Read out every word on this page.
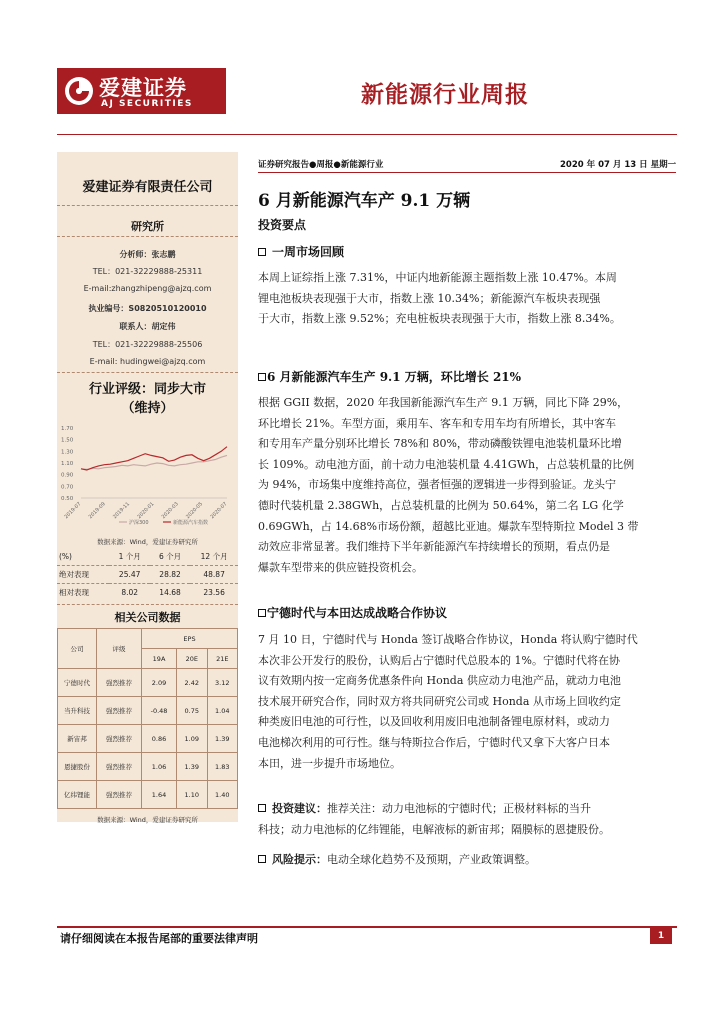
爱建证券
AJ SECURITIES	新能源行业周报
爱建证券有限责任公司
研究所
分析师：张志鹏
TEL：021-32229888-25311
E-mail:zhangzhipeng@ajzq.com
执业编号：S0820510120010
联系人：胡定伟
TEL：021-32229888-25506
E-mail: hudingwei@ajzq.com
行业评级：同步大市
（维持）
1.70
1.50
1.30
1.10
0.90
0.70
0.50
2019-07 2019-09 2019-11 2020-01 2020-03 2020-05 2020-07
沪深300	新能源汽车指数
数据来源：Wind，爱建证券研究所
(%)	1 个月	6 个月	12 个月
绝对表现	25.47	28.82	48.87
相对表现	8.02	14.68	23.56
相关公司数据
公司	评级	EPS		
		19A	20E	21E
宁德时代	强烈推荐	2.09	2.42	3.12
当升科技	强烈推荐	-0.48	0.75	1.04
新宙邦	强烈推荐	0.86	1.09	1.39
恩捷股份	强烈推荐	1.06	1.39	1.83
亿纬锂能	强烈推荐	1.64	1.10	1.40
数据来源：Wind，爱建证券研究所
证券研究报告●周报●新能源行业	2020 年 07 月 13 日 星期一
6 月新能源汽车产 9.1 万辆
投资要点
一周市场回顾
本周上证综指上涨 7.31%，中证内地新能源主题指数上涨 10.47%。本周
锂电池板块表现强于大市，指数上涨 10.34%；新能源汽车板块表现强
于大市，指数上涨 9.52%；充电桩板块表现强于大市，指数上涨 8.34%。
6 月新能源汽车生产 9.1 万辆，环比增长 21%
根据 GGII 数据，2020 年我国新能源汽车生产 9.1 万辆，同比下降 29%，
环比增长 21%。车型方面，乘用车、客车和专用车均有所增长，其中客车
和专用车产量分别环比增长 78%和 80%，带动磷酸铁锂电池装机量环比增
长 109%。动电池方面，前十动力电池装机量 4.41GWh，占总装机量的比例
为 94%，市场集中度维持高位，强者恒强的逻辑进一步得到验证。龙头宁
德时代装机量 2.38GWh，占总装机量的比例为 50.64%，第二名 LG 化学
0.69GWh，占 14.68%市场份额，超越比亚迪。爆款车型特斯拉 Model 3 带
动效应非常显著。我们维持下半年新能源汽车持续增长的预期，看点仍是
爆款车型带来的供应链投资机会。
宁德时代与本田达成战略合作协议
7 月 10 日，宁德时代与 Honda 签订战略合作协议，Honda 将认购宁德时代
本次非公开发行的股份，认购后占宁德时代总股本的 1%。宁德时代将在协
议有效期内按一定商务优惠条件向 Honda 供应动力电池产品，就动力电池
技术展开研究合作，同时双方将共同研究公司或 Honda 从市场上回收约定
种类废旧电池的可行性，以及回收利用废旧电池制备锂电原材料，或动力
电池梯次利用的可行性。继与特斯拉合作后，宁德时代又拿下大客户日本
本田，进一步提升市场地位。
投资建议：推荐关注：动力电池标的宁德时代；正极材料标的当升
科技；动力电池标的亿纬锂能，电解液标的新宙邦；隔膜标的恩捷股份。
风险提示：电动全球化趋势不及预期，产业政策调整。
请仔细阅读在本报告尾部的重要法律声明	1
